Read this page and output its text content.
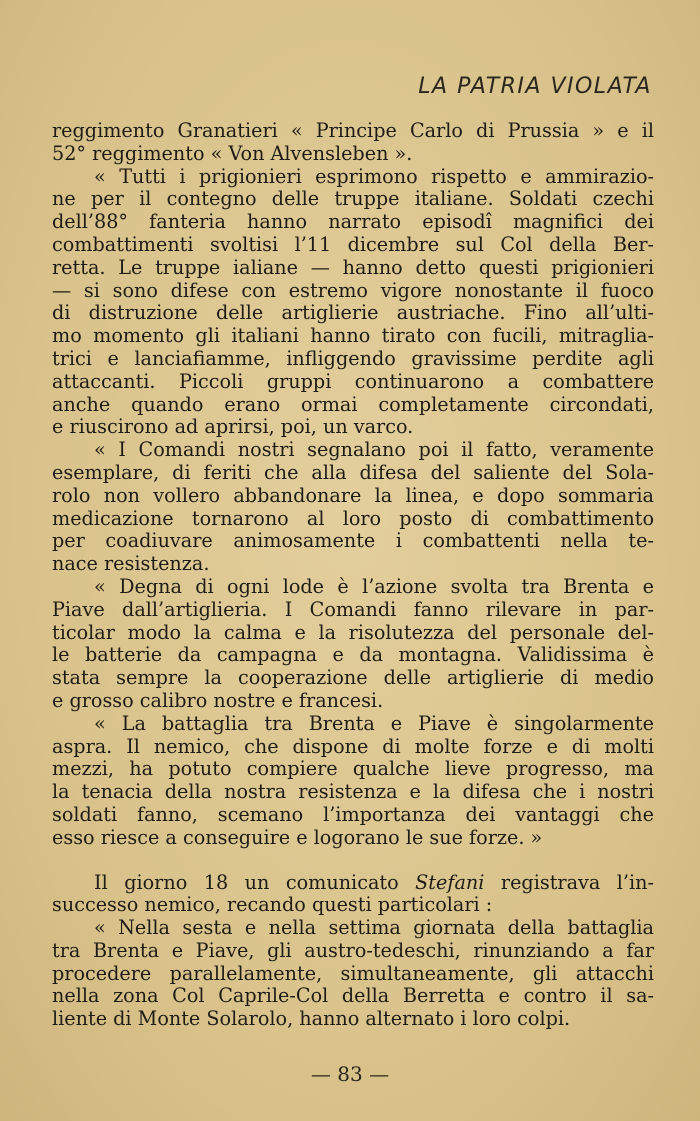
LA PATRIA VIOLATA

reggimento Granatieri « Principe Carlo di Prussia » e il
52° reggimento « Von Alvensleben ».

« Tutti i prigionieri esprimono rispetto e ammirazio-
ne per il contegno delle truppe italiane. Soldati czechi
dell’88° fanteria hanno narrato episodî magnifici dei
combattimenti svoltisi l’11 dicembre sul Col della Ber-
retta. Le truppe ialiane — hanno detto questi prigionieri
— si sono difese con estremo vigore nonostante il fuoco
di distruzione delle artiglierie austriache. Fino all’ulti-
mo momento gli italiani hanno tirato con fucili, mitraglia-
trici e lanciafiamme, infliggendo gravissime perdite agli
attaccanti. Piccoli gruppi continuarono a combattere
anche quando erano ormai completamente circondati,
e riuscirono ad aprirsi, poi, un varco.

« I Comandi nostri segnalano poi il fatto, veramente
esemplare, di feriti che alla difesa del saliente del Sola-
rolo non vollero abbandonare la linea, e dopo sommaria
medicazione tornarono al loro posto di combattimento
per coadiuvare animosamente i combattenti nella te-
nace resistenza.

« Degna di ogni lode è l’azione svolta tra Brenta e
Piave dall’artiglieria. I Comandi fanno rilevare in par-
ticolar modo la calma e la risolutezza del personale del-
le batterie da campagna e da montagna. Validissima è
stata sempre la cooperazione delle artiglierie di medio
e grosso calibro nostre e francesi.

« La battaglia tra Brenta e Piave è singolarmente
aspra. Il nemico, che dispone di molte forze e di molti
mezzi, ha potuto compiere qualche lieve progresso, ma
la tenacia della nostra resistenza e la difesa che i nostri
soldati fanno, scemano l’importanza dei vantaggi che
esso riesce a conseguire e logorano le sue forze. »

Il giorno 18 un comunicato Stefani registrava l’in-
successo nemico, recando questi particolari :

« Nella sesta e nella settima giornata della battaglia
tra Brenta e Piave, gli austro-tedeschi, rinunziando a far
procedere parallelamente, simultaneamente, gli attacchi
nella zona Col Caprile-Col della Berretta e contro il sa-
liente di Monte Solarolo, hanno alternato i loro colpi.

— 83 —
